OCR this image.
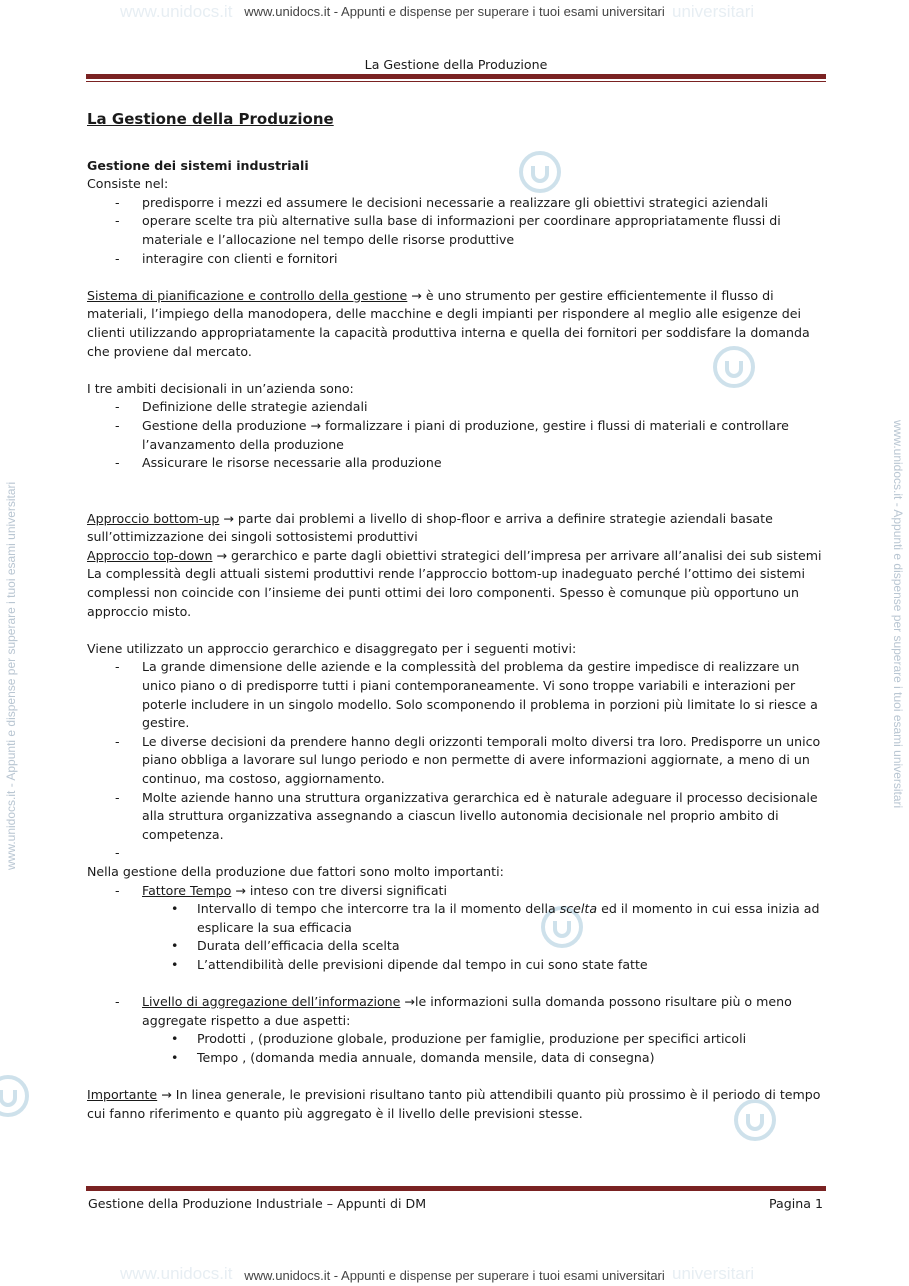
www.unidocs.it	universitari
www.unidocs.it - Appunti e dispense per superare i tuoi esami universitari
www.unidocs.it	universitari
www.unidocs.it - Appunti e dispense per superare i tuoi esami universitari
www.unidocs.it - Appunti e dispense per superare i tuoi esami universitari	www.unidocs.it - Appunti e dispense per superare i tuoi esami universitari
La Gestione della Produzione

La Gestione della Produzione

Gestione dei sistemi industriali

Consiste nel:

- predisporre i mezzi ed assumere le decisioni necessarie a realizzare gli obiettivi strategici aziendali
- operare scelte tra più alternative sulla base di informazioni per coordinare appropriatamente flussi di materiale e l’allocazione nel tempo delle risorse produttive
- interagire con clienti e fornitori

Sistema di pianificazione e controllo della gestione → è uno strumento per gestire efficientemente il flusso di materiali, l’impiego della manodopera, delle macchine e degli impianti per rispondere al meglio alle esigenze dei clienti utilizzando appropriatamente la capacità produttiva interna e quella dei fornitori per soddisfare la domanda che proviene dal mercato.

I tre ambiti decisionali in un’azienda sono:

- Definizione delle strategie aziendali
- Gestione della produzione → formalizzare i piani di produzione, gestire i flussi di materiali e controllare l’avanzamento della produzione
- Assicurare le risorse necessarie alla produzione

Approccio bottom-up → parte dai problemi a livello di shop-floor e arriva a definire strategie aziendali basate sull’ottimizzazione dei singoli sottosistemi produttivi

Approccio top-down → gerarchico e parte dagli obiettivi strategici dell’impresa per arrivare all’analisi dei sub sistemi

La complessità degli attuali sistemi produttivi rende l’approccio bottom-up inadeguato perché l’ottimo dei sistemi complessi non coincide con l’insieme dei punti ottimi dei loro componenti. Spesso è comunque più opportuno un approccio misto.

Viene utilizzato un approccio gerarchico e disaggregato per i seguenti motivi:

- La grande dimensione delle aziende e la complessità del problema da gestire impedisce di realizzare un unico piano o di predisporre tutti i piani contemporaneamente. Vi sono troppe variabili e interazioni per poterle includere in un singolo modello. Solo scomponendo il problema in porzioni più limitate lo si riesce a gestire.
- Le diverse decisioni da prendere hanno degli orizzonti temporali molto diversi tra loro. Predisporre un unico piano obbliga a lavorare sul lungo periodo e non permette di avere informazioni aggiornate, a meno di un continuo, ma costoso, aggiornamento.
- Molte aziende hanno una struttura organizzativa gerarchica ed è naturale adeguare il processo decisionale alla struttura organizzativa assegnando a ciascun livello autonomia decisionale nel proprio ambito di competenza.
-

Nella gestione della produzione due fattori sono molto importanti:

- Fattore Tempo → inteso con tre diversi significati
• Intervallo di tempo che intercorre tra la il momento della scelta ed il momento in cui essa inizia ad esplicare la sua efficacia
• Durata dell’efficacia della scelta
• L’attendibilità delle previsioni dipende dal tempo in cui sono state fatte
- Livello di aggregazione dell’informazione →le informazioni sulla domanda possono risultare più o meno aggregate rispetto a due aspetti:
• Prodotti , (produzione globale, produzione per famiglie, produzione per specifici articoli
• Tempo , (domanda media annuale, domanda mensile, data di consegna)

Importante → In linea generale, le previsioni risultano tanto più attendibili quanto più prossimo è il periodo di tempo cui fanno riferimento e quanto più aggregato è il livello delle previsioni stesse.

Gestione della Produzione Industriale – Appunti di DM	Pagina 1
